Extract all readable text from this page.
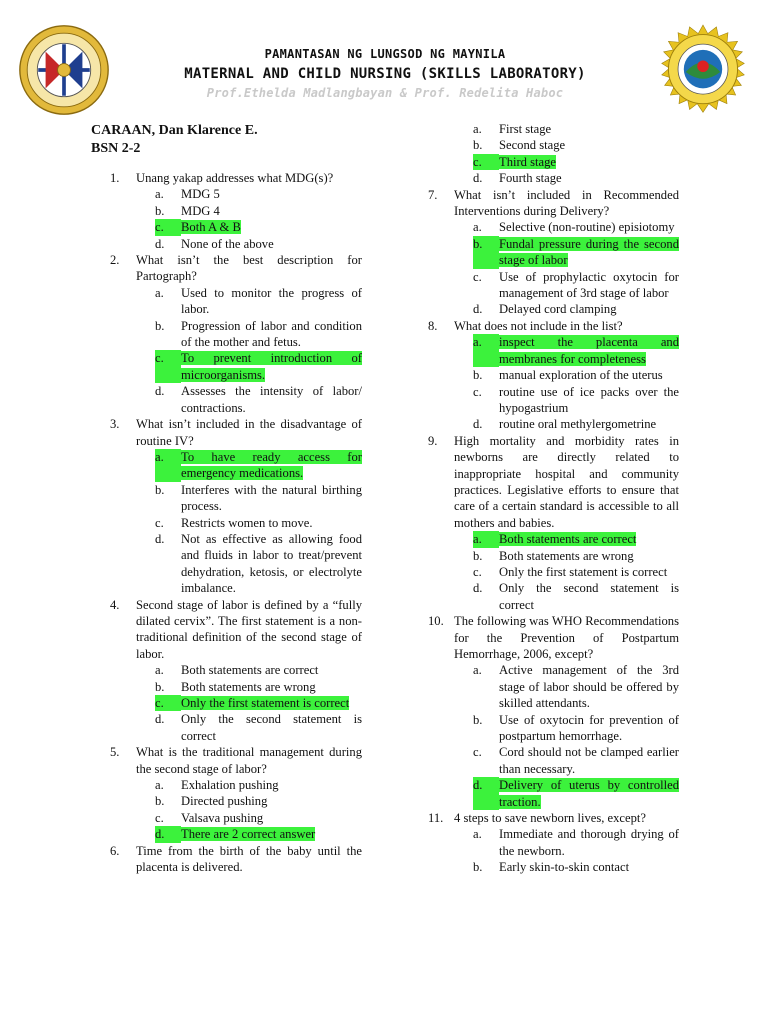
PAMANTASAN NG LUNGSOD NG MAYNILA
MATERNAL AND CHILD NURSING (SKILLS LABORATORY)
Prof.Ethelda Madlangbayan & Prof. Redelita Haboc
CARAAN, Dan Klarence E.
BSN 2-2
1.	Unang yakap addresses what MDG(s)?
a.	MDG 5
b.	MDG 4
c.	Both A & B
d.	None of the above
2.	What isn’t the best description for Partograph?
a.	Used to monitor the progress of labor.
b.	Progression of labor and condition of the mother and fetus.
c.	To prevent introduction of microorganisms.
d.	Assesses the intensity of labor/ contractions.
3.	What isn’t included in the disadvantage of routine IV?
a.	To have ready access for emergency medications.
b.	Interferes with the natural birthing process.
c.	Restricts women to move.
d.	Not as effective as allowing food and fluids in labor to treat/prevent dehydration, ketosis, or electrolyte imbalance.
4.	Second stage of labor is defined by a “fully dilated cervix”. The first statement is a non-traditional definition of the second stage of labor.
a.	Both statements are correct
b.	Both statements are wrong
c.	Only the first statement is correct
d.	Only the second statement is correct
5.	What is the traditional management during the second stage of labor?
a.	Exhalation pushing
b.	Directed pushing
c.	Valsava pushing
d.	There are 2 correct answer
6.	Time from the birth of the baby until the placenta is delivered.
a.	First stage
b.	Second stage
c.	Third stage
d.	Fourth stage
7.	What isn’t included in Recommended Interventions during Delivery?
a.	Selective (non-routine) episiotomy
b.	Fundal pressure during the second stage of labor
c.	Use of prophylactic oxytocin for management of 3rd stage of labor
d.	Delayed cord clamping
8.	What does not include in the list?
a.	inspect the placenta and membranes for completeness
b.	manual exploration of the uterus
c.	routine use of ice packs over the hypogastrium
d.	routine oral methylergometrine
9.	High mortality and morbidity rates in newborns are directly related to inappropriate hospital and community practices. Legislative efforts to ensure that care of a certain standard is accessible to all mothers and babies.
a.	Both statements are correct
b.	Both statements are wrong
c.	Only the first statement is correct
d.	Only the second statement is correct
10. The following was WHO Recommendations for the Prevention of Postpartum Hemorrhage, 2006, except?
a.	Active management of the 3rd stage of labor should be offered by skilled attendants.
b.	Use of oxytocin for prevention of postpartum hemorrhage.
c.	Cord should not be clamped earlier than necessary.
d.	Delivery of uterus by controlled traction.
11. 4 steps to save newborn lives, except?
a.	Immediate and thorough drying of the newborn.
b.	Early skin-to-skin contact
